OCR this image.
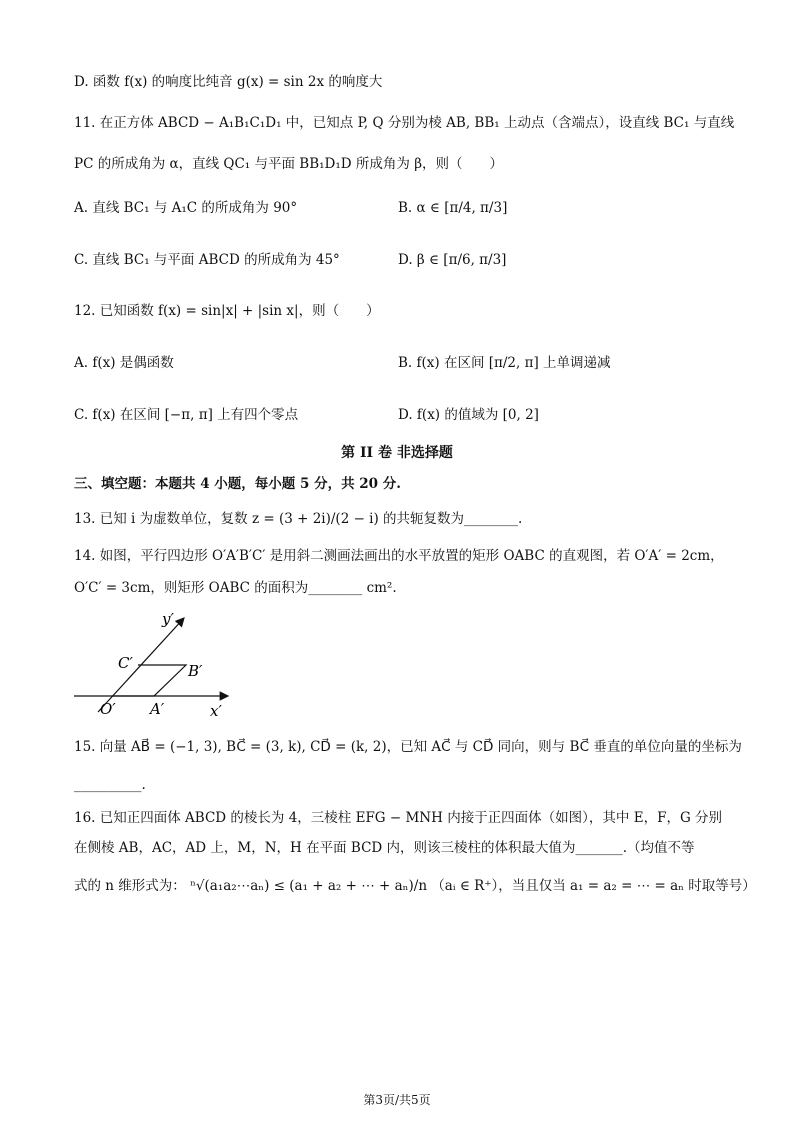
D. 函数 f(x) 的响度比纯音 g(x) = sin 2x 的响度大
11. 在正方体 ABCD − A₁B₁C₁D₁ 中，已知点 P, Q 分别为棱 AB, BB₁ 上动点（含端点），设直线 BC₁ 与直线
PC 的所成角为 α，直线 QC₁ 与平面 BB₁D₁D 所成角为 β，则（　　）
A. 直线 BC₁ 与 A₁C 的所成角为 90°	B. α ∈ [π/4, π/3]
C. 直线 BC₁ 与平面 ABCD 的所成角为 45°	D. β ∈ [π/6, π/3]
12. 已知函数 f(x) = sin|x| + |sin x|，则（　　）
A. f(x) 是偶函数	B. f(x) 在区间 [π/2, π] 上单调递减
C. f(x) 在区间 [−π, π] 上有四个零点	D. f(x) 的值域为 [0, 2]
第 II 卷 非选择题
三、填空题：本题共 4 小题，每小题 5 分，共 20 分.
13. 已知 i 为虚数单位，复数 z = (3 + 2i)/(2 − i) 的共轭复数为________.
14. 如图，平行四边形 O′A′B′C′ 是用斜二测画法画出的水平放置的矩形 OABC 的直观图，若 O′A′ = 2cm，
O′C′ = 3cm，则矩形 OABC 的面积为________ cm².
y′
x′
C′	B′
O′ A′
15. 向量 AB⃗ = (−1, 3), BC⃗ = (3, k), CD⃗ = (k, 2)，已知 AC⃗ 与 CD⃗ 同向，则与 BC⃗ 垂直的单位向量的坐标为
__________.
16. 已知正四面体 ABCD 的棱长为 4，三棱柱 EFG − MNH 内接于正四面体（如图），其中 E，F，G 分别
在侧棱 AB，AC，AD 上，M，N，H 在平面 BCD 内，则该三棱柱的体积最大值为_______.（均值不等
式的 n 维形式为： ⁿ√(a₁a₂⋯aₙ) ≤ (a₁ + a₂ + ⋯ + aₙ)/n （aᵢ ∈ R⁺），当且仅当 a₁ = a₂ = ⋯ = aₙ 时取等号）
第3页/共5页
